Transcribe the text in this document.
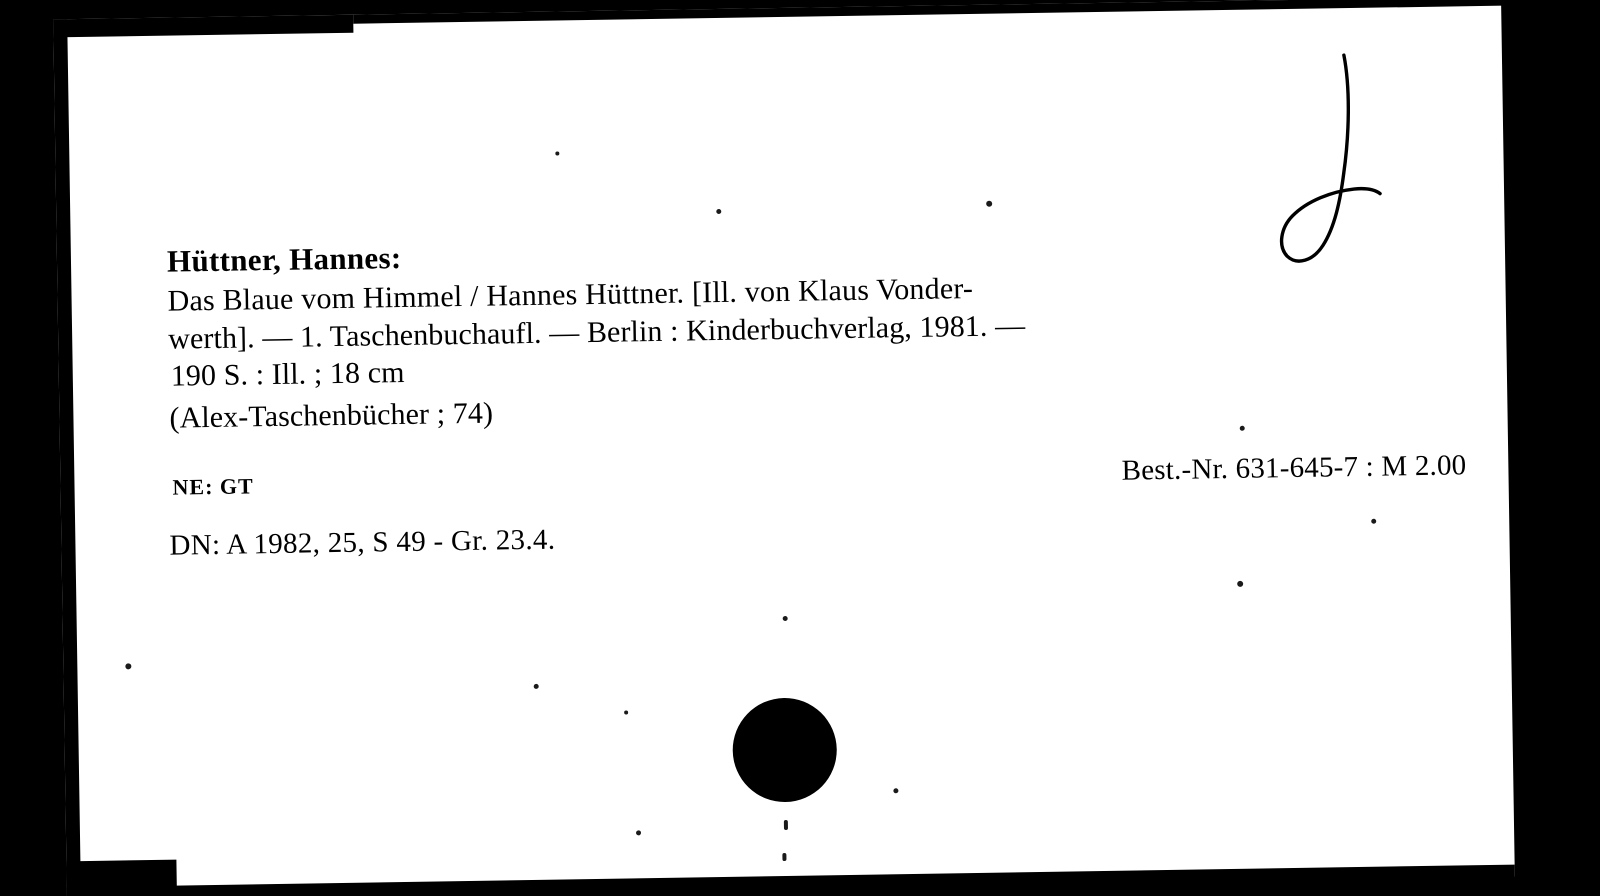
Hüttner, Hannes:

Das Blaue vom Himmel / Hannes Hüttner. [Ill. von Klaus Vonder-

werth]. — 1. Taschenbuchaufl. — Berlin : Kinderbuchverlag, 1981. —

190 S. : Ill. ; 18 cm

(Alex-Taschenbücher ; 74)

NE: GT	Best.-Nr. 631-645-7 : M 2.00
DN: A 1982, 25, S 49 - Gr. 23.4.
